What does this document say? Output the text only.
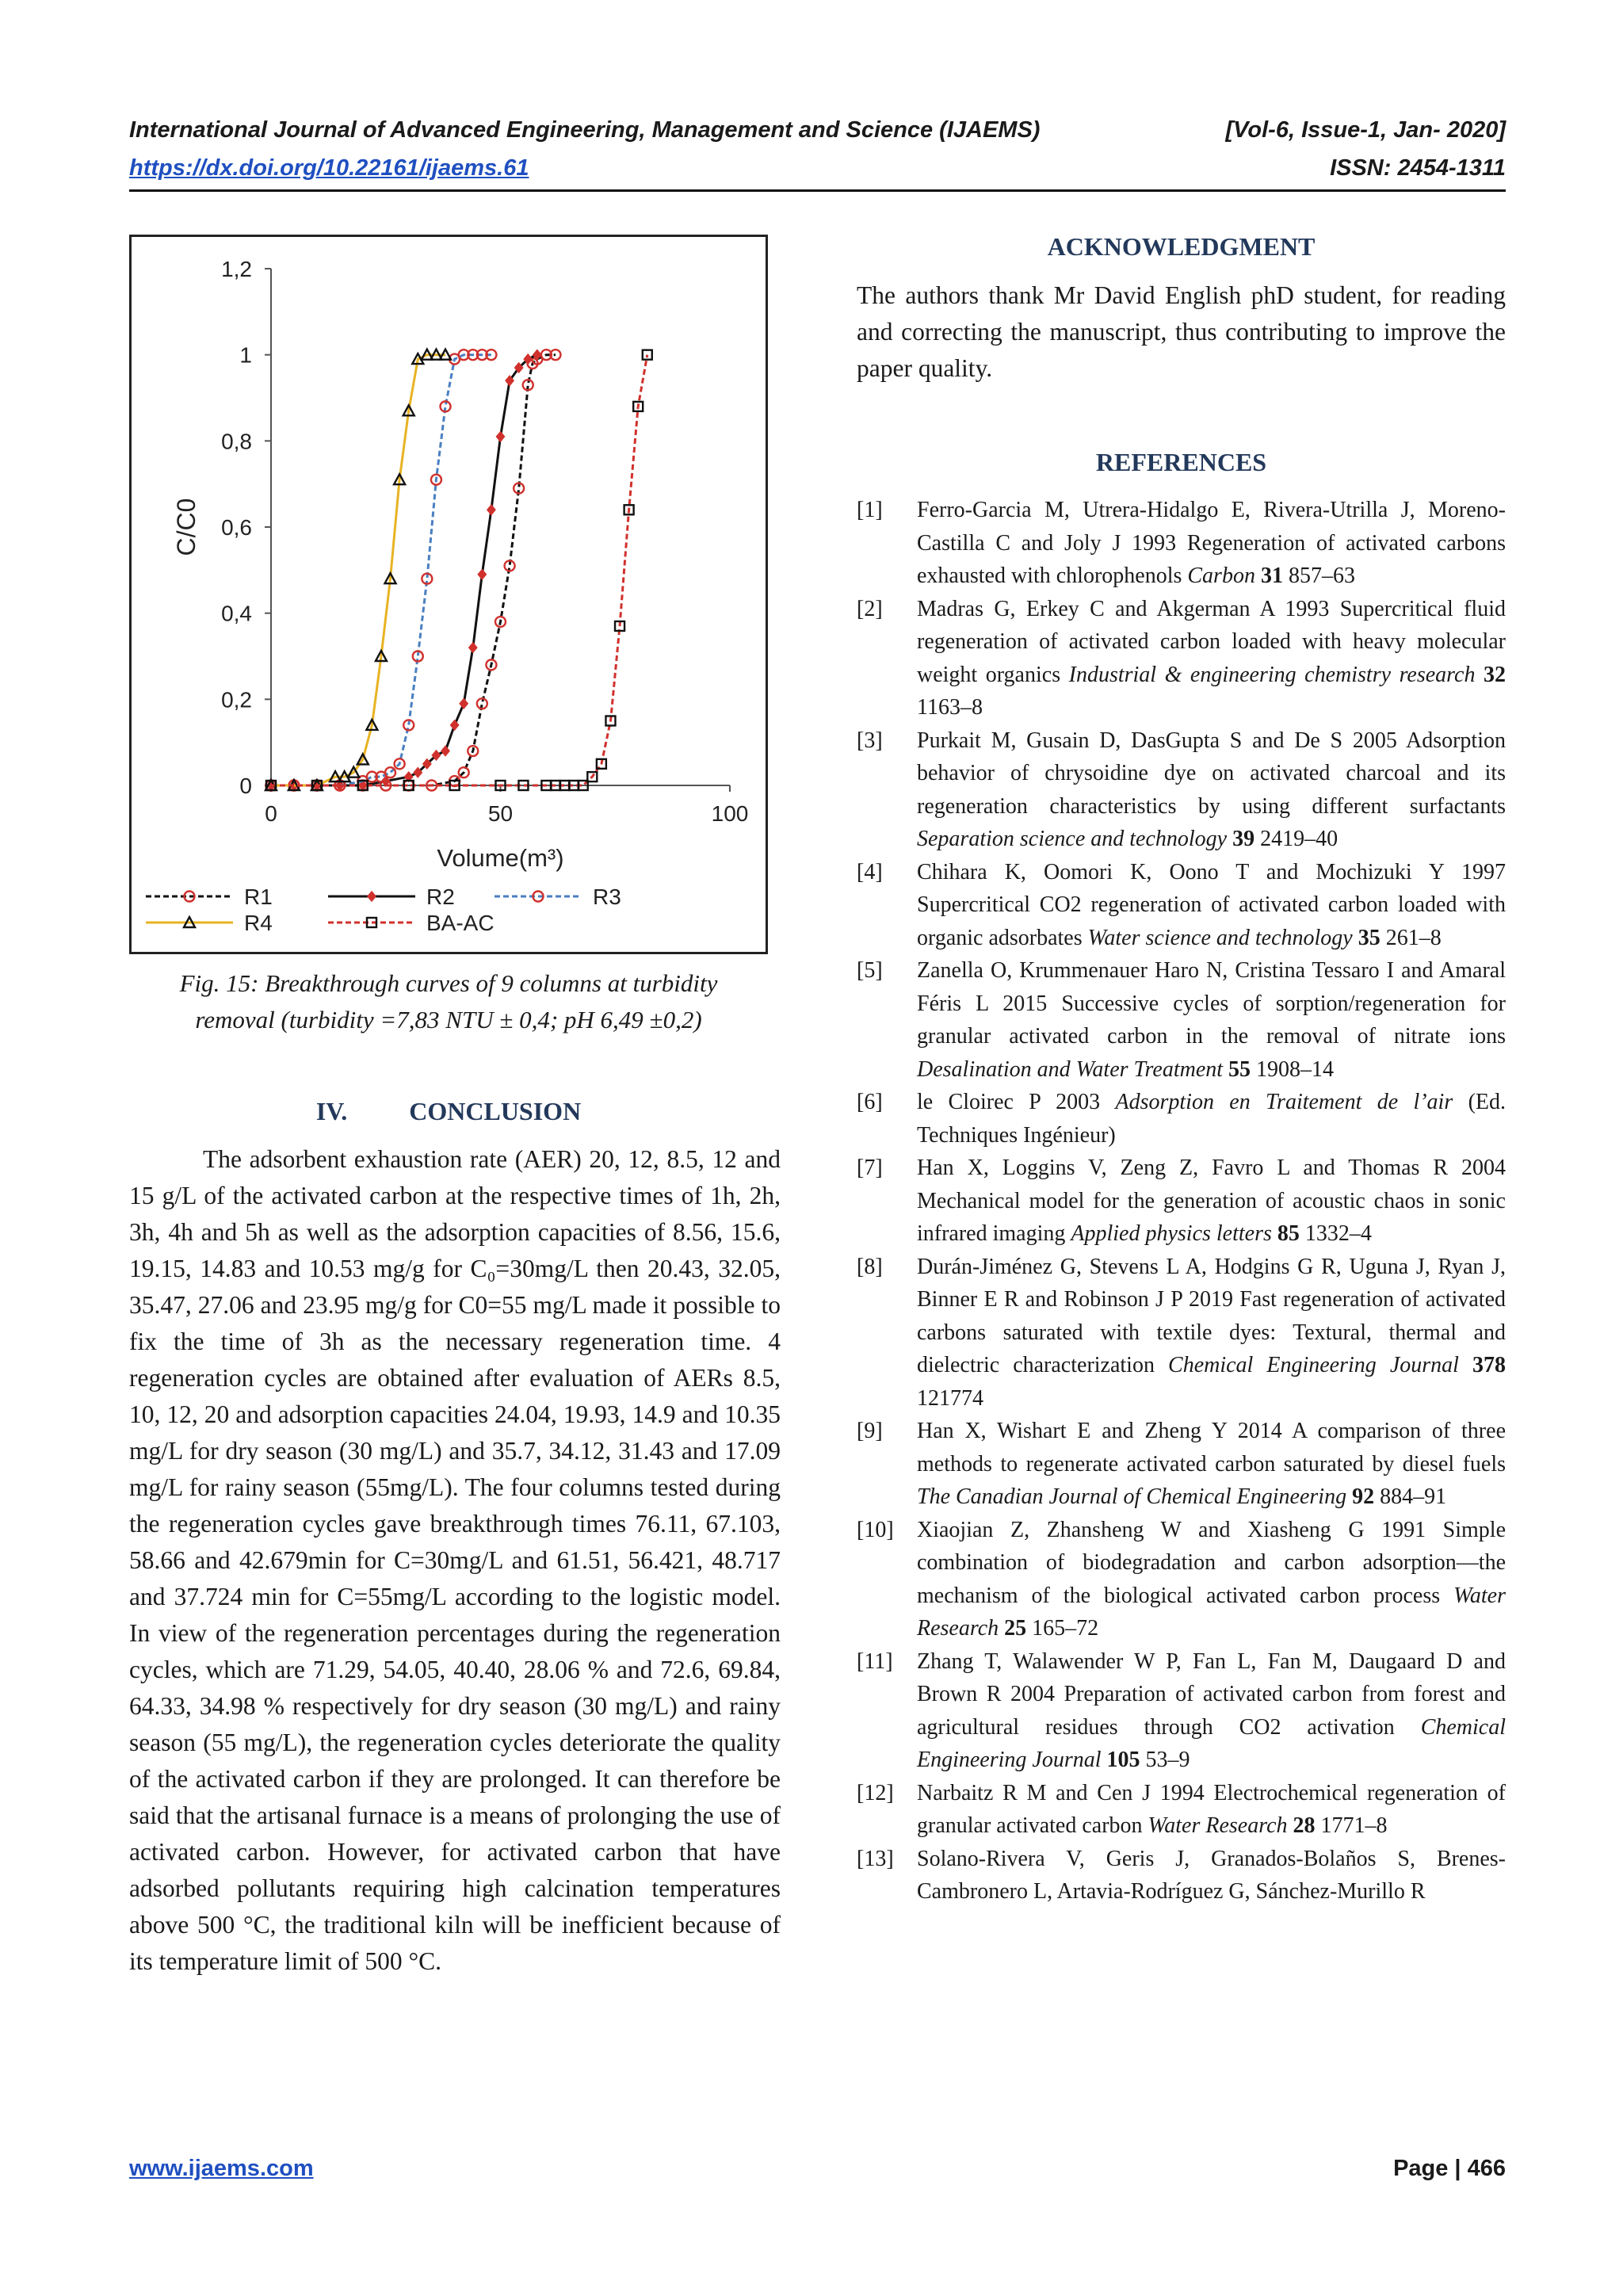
International Journal of Advanced Engineering, Management and Science (IJAEMS)	[Vol-6, Issue-1, Jan- 2020]
https://dx.doi.org/10.22161/ijaems.61	ISSN: 2454-1311
0
0,2
0,4
0,6
0,8
1
1,2
0	50	100
Volume(m³)
C/C0
R1	R2	R3
R4	BA-AC
Fig. 15: Breakthrough curves of 9 columns at turbidity
removal (turbidity =7,83 NTU ± 0,4; pH 6,49 ±0,2)
IV. CONCLUSION
The adsorbent exhaustion rate (AER) 20, 12, 8.5, 12 and 15 g/L of the activated carbon at the respective times of 1h, 2h, 3h, 4h and 5h as well as the adsorption capacities of 8.56, 15.6, 19.15, 14.83 and 10.53 mg/g for C₀=30mg/L then 20.43, 32.05, 35.47, 27.06 and 23.95 mg/g for C0=55 mg/L made it possible to fix the time of 3h as the necessary regeneration time. 4 regeneration cycles are obtained after evaluation of AERs 8.5, 10, 12, 20 and adsorption capacities 24.04, 19.93, 14.9 and 10.35 mg/L for dry season (30 mg/L) and 35.7, 34.12, 31.43 and 17.09 mg/L for rainy season (55mg/L). The four columns tested during the regeneration cycles gave breakthrough times 76.11, 67.103, 58.66 and 42.679min for C=30mg/L and 61.51, 56.421, 48.717 and 37.724 min for C=55mg/L according to the logistic model. In view of the regeneration percentages during the regeneration cycles, which are 71.29, 54.05, 40.40, 28.06 % and 72.6, 69.84, 64.33, 34.98 % respectively for dry season (30 mg/L) and rainy season (55 mg/L), the regeneration cycles deteriorate the quality of the activated carbon if they are prolonged. It can therefore be said that the artisanal furnace is a means of prolonging the use of activated carbon. However, for activated carbon that have adsorbed pollutants requiring high calcination temperatures above 500 °C, the traditional kiln will be inefficient because of its temperature limit of 500 °C.
ACKNOWLEDGMENT
The authors thank Mr David English phD student, for reading and correcting the manuscript, thus contributing to improve the paper quality.
REFERENCES
[1] Ferro-Garcia M, Utrera-Hidalgo E, Rivera-Utrilla J, Moreno-Castilla C and Joly J 1993 Regeneration of activated carbons exhausted with chlorophenols Carbon 31 857–63
[2] Madras G, Erkey C and Akgerman A 1993 Supercritical fluid regeneration of activated carbon loaded with heavy molecular weight organics Industrial & engineering chemistry research 32 1163–8
[3] Purkait M, Gusain D, DasGupta S and De S 2005 Adsorption behavior of chrysoidine dye on activated charcoal and its regeneration characteristics by using different surfactants Separation science and technology 39 2419–40
[4] Chihara K, Oomori K, Oono T and Mochizuki Y 1997 Supercritical CO2 regeneration of activated carbon loaded with organic adsorbates Water science and technology 35 261–8
[5] Zanella O, Krummenauer Haro N, Cristina Tessaro I and Amaral Féris L 2015 Successive cycles of sorption/regeneration for granular activated carbon in the removal of nitrate ions Desalination and Water Treatment 55 1908–14
[6] le Cloirec P 2003 Adsorption en Traitement de l’air (Ed. Techniques Ingénieur)
[7] Han X, Loggins V, Zeng Z, Favro L and Thomas R 2004 Mechanical model for the generation of acoustic chaos in sonic infrared imaging Applied physics letters 85 1332–4
[8] Durán-Jiménez G, Stevens L A, Hodgins G R, Uguna J, Ryan J, Binner E R and Robinson J P 2019 Fast regeneration of activated carbons saturated with textile dyes: Textural, thermal and dielectric characterization Chemical Engineering Journal 378 121774
[9] Han X, Wishart E and Zheng Y 2014 A comparison of three methods to regenerate activated carbon saturated by diesel fuels The Canadian Journal of Chemical Engineering 92 884–91
[10] Xiaojian Z, Zhansheng W and Xiasheng G 1991 Simple combination of biodegradation and carbon adsorption—the mechanism of the biological activated carbon process Water Research 25 165–72
[11] Zhang T, Walawender W P, Fan L, Fan M, Daugaard D and Brown R 2004 Preparation of activated carbon from forest and agricultural residues through CO2 activation Chemical Engineering Journal 105 53–9
[12] Narbaitz R M and Cen J 1994 Electrochemical regeneration of granular activated carbon Water Research 28 1771–8
[13] Solano-Rivera V, Geris J, Granados-Bolaños S, Brenes-Cambronero L, Artavia-Rodríguez G, Sánchez-Murillo R
www.ijaems.com	Page | 466
